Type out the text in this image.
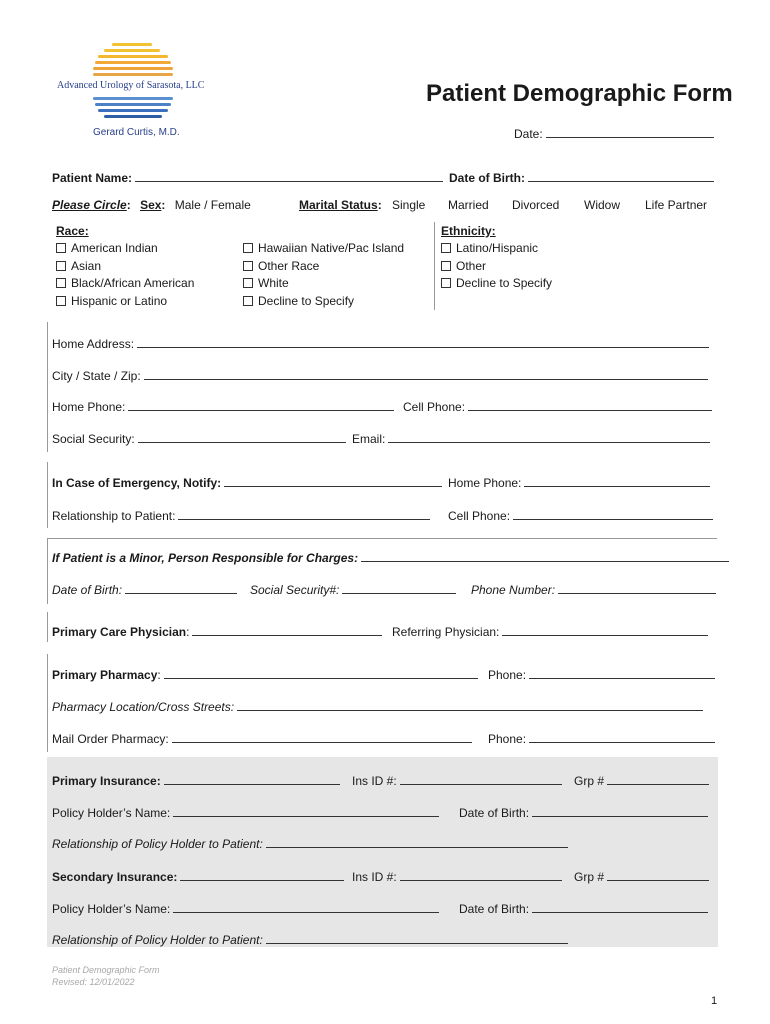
Advanced Urology of Sarasota, LLC
Gerard Curtis, M.D.
Patient Demographic Form
Date:
Patient Name:	Date of Birth:
Please Circle: Sex: Male / Female	Marital Status: Single Married Divorced Widow Life Partner
Race:
American Indian
Asian
Black/African American
Hispanic or Latino
Hawaiian Native/Pac Island
Other Race
White
Decline to Specify
Ethnicity:
Latino/Hispanic
Other
Decline to Specify
Home Address:
City / State / Zip:
Home Phone:	Cell Phone:
Social Security:	Email:
In Case of Emergency, Notify:	Home Phone:
Relationship to Patient:	Cell Phone:
If Patient is a Minor, Person Responsible for Charges:
Date of Birth:	Social Security#:	Phone Number:
Primary Care Physician:	Referring Physician:
Primary Pharmacy:	Phone:
Pharmacy Location/Cross Streets:
Mail Order Pharmacy:	Phone:
Primary Insurance:	Ins ID #:	Grp #
Policy Holder’s Name:	Date of Birth:
Relationship of Policy Holder to Patient:
Secondary Insurance:	Ins ID #:	Grp #
Policy Holder’s Name:	Date of Birth:
Relationship of Policy Holder to Patient:
Patient Demographic Form
Revised: 12/01/2022
1
